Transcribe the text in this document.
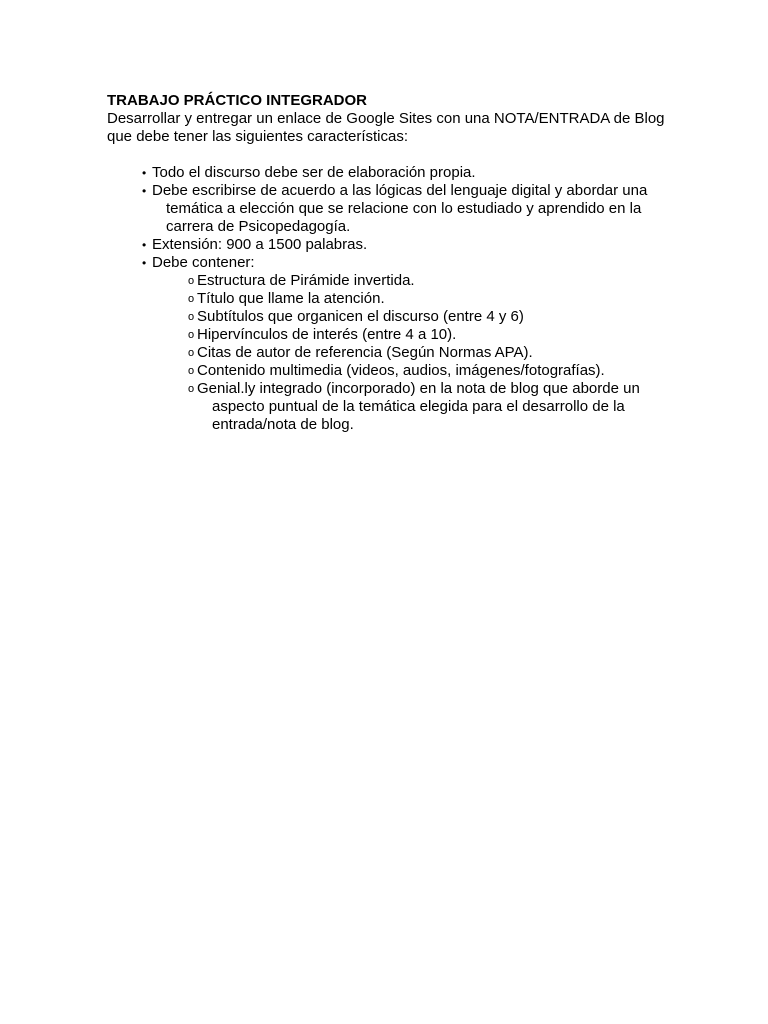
TRABAJO PRÁCTICO INTEGRADOR

Desarrollar y entregar un enlace de Google Sites con una NOTA/ENTRADA de Blog que debe tener las siguientes características:

• Todo el discurso debe ser de elaboración propia.
• Debe escribirse de acuerdo a las lógicas del lenguaje digital y abordar una temática a elección que se relacione con lo estudiado y aprendido en la carrera de Psicopedagogía.
• Extensión: 900 a 1500 palabras.
• Debe contener:
o Estructura de Pirámide invertida.
o Título que llame la atención.
o Subtítulos que organicen el discurso (entre 4 y 6)
o Hipervínculos de interés (entre 4 a 10).
o Citas de autor de referencia (Según Normas APA).
o Contenido multimedia (videos, audios, imágenes/fotografías).
o Genial.ly integrado (incorporado) en la nota de blog que aborde un aspecto puntual de la temática elegida para el desarrollo de la entrada/nota de blog.
